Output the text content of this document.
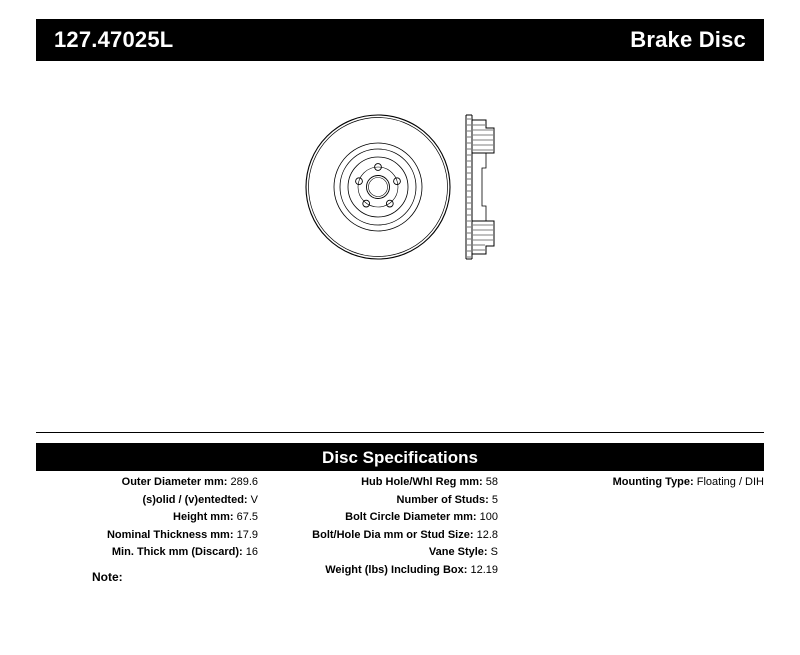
127.47025L	Brake Disc
Disc Specifications
Outer Diameter mm: 289.6
(s)olid / (v)entedted: V
Height mm: 67.5
Nominal Thickness mm: 17.9
Min. Thick mm (Discard): 16
Hub Hole/Whl Reg mm: 58
Number of Studs: 5
Bolt Circle Diameter mm: 100
Bolt/Hole Dia mm or Stud Size: 12.8
Vane Style: S
Weight (lbs) Including Box: 12.19
Mounting Type: Floating / DIH
Note:
